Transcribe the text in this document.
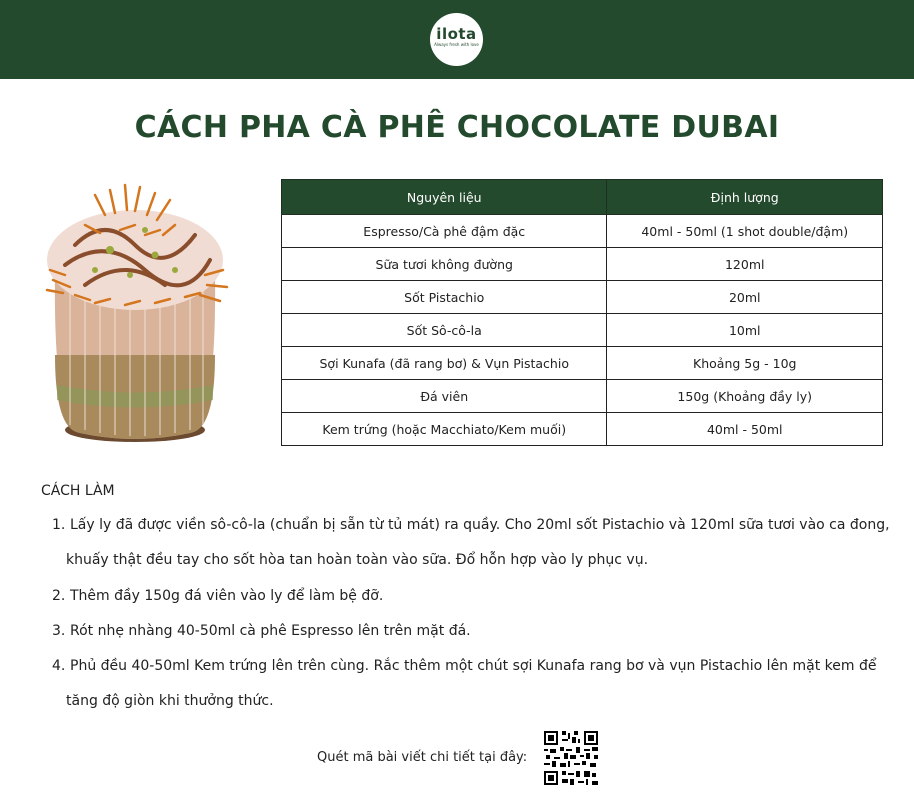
ilota
Always fresh with love
CÁCH PHA CÀ PHÊ CHOCOLATE DUBAI
Nguyên liệu	Định lượng
Espresso/Cà phê đậm đặc	40ml - 50ml (1 shot double/đậm)
Sữa tươi không đường	120ml
Sốt Pistachio	20ml
Sốt Sô-cô-la	10ml
Sợi Kunafa (đã rang bơ) & Vụn Pistachio	Khoảng 5g - 10g
Đá viên	150g (Khoảng đầy ly)
Kem trứng (hoặc Macchiato/Kem muối)	40ml - 50ml
CÁCH LÀM
1. Lấy ly đã được viền sô-cô-la (chuẩn bị sẵn từ tủ mát) ra quầy. Cho 20ml sốt Pistachio và 120ml sữa tươi vào ca đong,
khuấy thật đều tay cho sốt hòa tan hoàn toàn vào sữa. Đổ hỗn hợp vào ly phục vụ.
2. Thêm đầy 150g đá viên vào ly để làm bệ đỡ.
3. Rót nhẹ nhàng 40-50ml cà phê Espresso lên trên mặt đá.
4. Phủ đều 40-50ml Kem trứng lên trên cùng. Rắc thêm một chút sợi Kunafa rang bơ và vụn Pistachio lên mặt kem để
tăng độ giòn khi thưởng thức.
Quét mã bài viết chi tiết tại đây:
